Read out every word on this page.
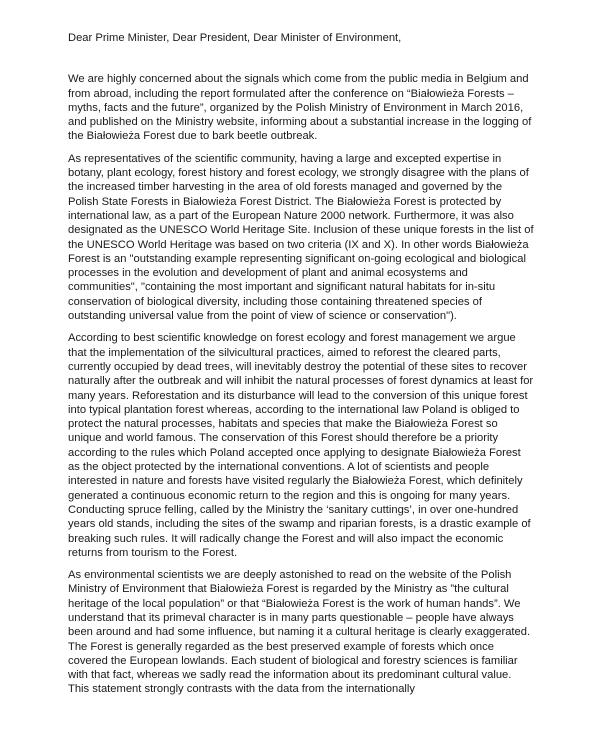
Dear Prime Minister, Dear President, Dear Minister of Environment,

We are highly concerned about the signals which come from the public media in Belgium and from abroad, including the report formulated after the conference on “Białowieża Forests – myths, facts and the future”, organized by the Polish Ministry of Environment in March 2016, and published on the Ministry website, informing about a substantial increase in the logging of the Białowieża Forest due to bark beetle outbreak.

As representatives of the scientific community, having a large and excepted expertise in botany, plant ecology, forest history and forest ecology, we strongly disagree with the plans of the increased timber harvesting in the area of old forests managed and governed by the Polish State Forests in Białowieża Forest District. The Białowieża Forest is protected by international law, as a part of the European Nature 2000 network. Furthermore, it was also designated as the UNESCO World Heritage Site. Inclusion of these unique forests in the list of the UNESCO World Heritage was based on two criteria (IX and X). In other words Białowieża Forest is an "outstanding example representing significant on-going ecological and biological processes in the evolution and development of plant and animal ecosystems and communities", "containing the most important and significant natural habitats for in-situ conservation of biological diversity, including those containing threatened species of outstanding universal value from the point of view of science or conservation").

According to best scientific knowledge on forest ecology and forest management we argue that the implementation of the silvicultural practices, aimed to reforest the cleared parts, currently occupied by dead trees, will inevitably destroy the potential of these sites to recover naturally after the outbreak and will inhibit the natural processes of forest dynamics at least for many years. Reforestation and its disturbance will lead to the conversion of this unique forest into typical plantation forest whereas, according to the international law Poland is obliged to protect the natural processes, habitats and species that make the Białowieża Forest so unique and world famous. The conservation of this Forest should therefore be a priority according to the rules which Poland accepted once applying to designate Białowieża Forest as the object protected by the international conventions. A lot of scientists and people interested in nature and forests have visited regularly the Białowieża Forest, which definitely generated a continuous economic return to the region and this is ongoing for many years. Conducting spruce felling, called by the Ministry the ‘sanitary cuttings’, in over one-hundred years old stands, including the sites of the swamp and riparian forests, is a drastic example of breaking such rules. It will radically change the Forest and will also impact the economic returns from tourism to the Forest.

As environmental scientists we are deeply astonished to read on the website of the Polish Ministry of Environment that Białowieża Forest is regarded by the Ministry as ”the cultural heritage of the local population” or that “Białowieża Forest is the work of human hands”. We understand that its primeval character is in many parts questionable – people have always been around and had some influence, but naming it a cultural heritage is clearly exaggerated. The Forest is generally regarded as the best preserved example of forests which once covered the European lowlands. Each student of biological and forestry sciences is familiar with that fact, whereas we sadly read the information about its predominant cultural value. This statement strongly contrasts with the data from the internationally
